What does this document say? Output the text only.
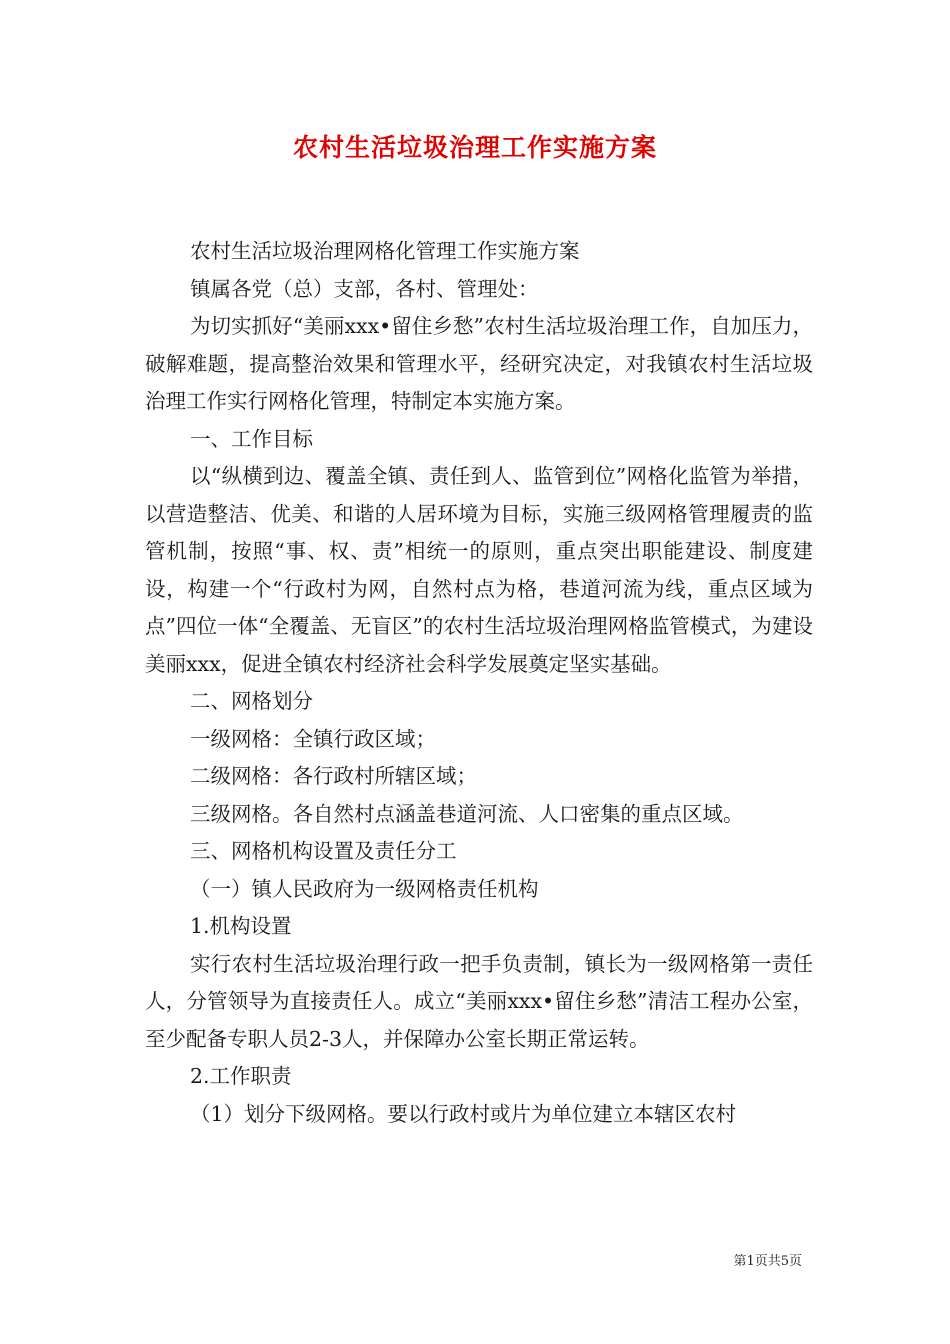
农村生活垃圾治理工作实施方案

农村生活垃圾治理网格化管理工作实施方案

镇属各党（总）支部，各村、管理处：

为切实抓好“美丽xxx•留住乡愁”农村生活垃圾治理工作，自加压力，破解难题，提高整治效果和管理水平，经研究决定，对我镇农村生活垃圾治理工作实行网格化管理，特制定本实施方案。

一、工作目标

以“纵横到边、覆盖全镇、责任到人、监管到位”网格化监管为举措，以营造整洁、优美、和谐的人居环境为目标，实施三级网格管理履责的监管机制，按照“事、权、责”相统一的原则，重点突出职能建设、制度建设，构建一个“行政村为网，自然村点为格，巷道河流为线，重点区域为点”四位一体“全覆盖、无盲区”的农村生活垃圾治理网格监管模式，为建设美丽xxx，促进全镇农村经济社会科学发展奠定坚实基础。

二、网格划分

一级网格：全镇行政区域；

二级网格：各行政村所辖区域；

三级网格。各自然村点涵盖巷道河流、人口密集的重点区域。

三、网格机构设置及责任分工

（一）镇人民政府为一级网格责任机构

1.机构设置

实行农村生活垃圾治理行政一把手负责制，镇长为一级网格第一责任人，分管领导为直接责任人。成立“美丽xxx•留住乡愁”清洁工程办公室，至少配备专职人员2-3人，并保障办公室长期正常运转。

2.工作职责

（1）划分下级网格。要以行政村或片为单位建立本辖区农村

第1页共5页
